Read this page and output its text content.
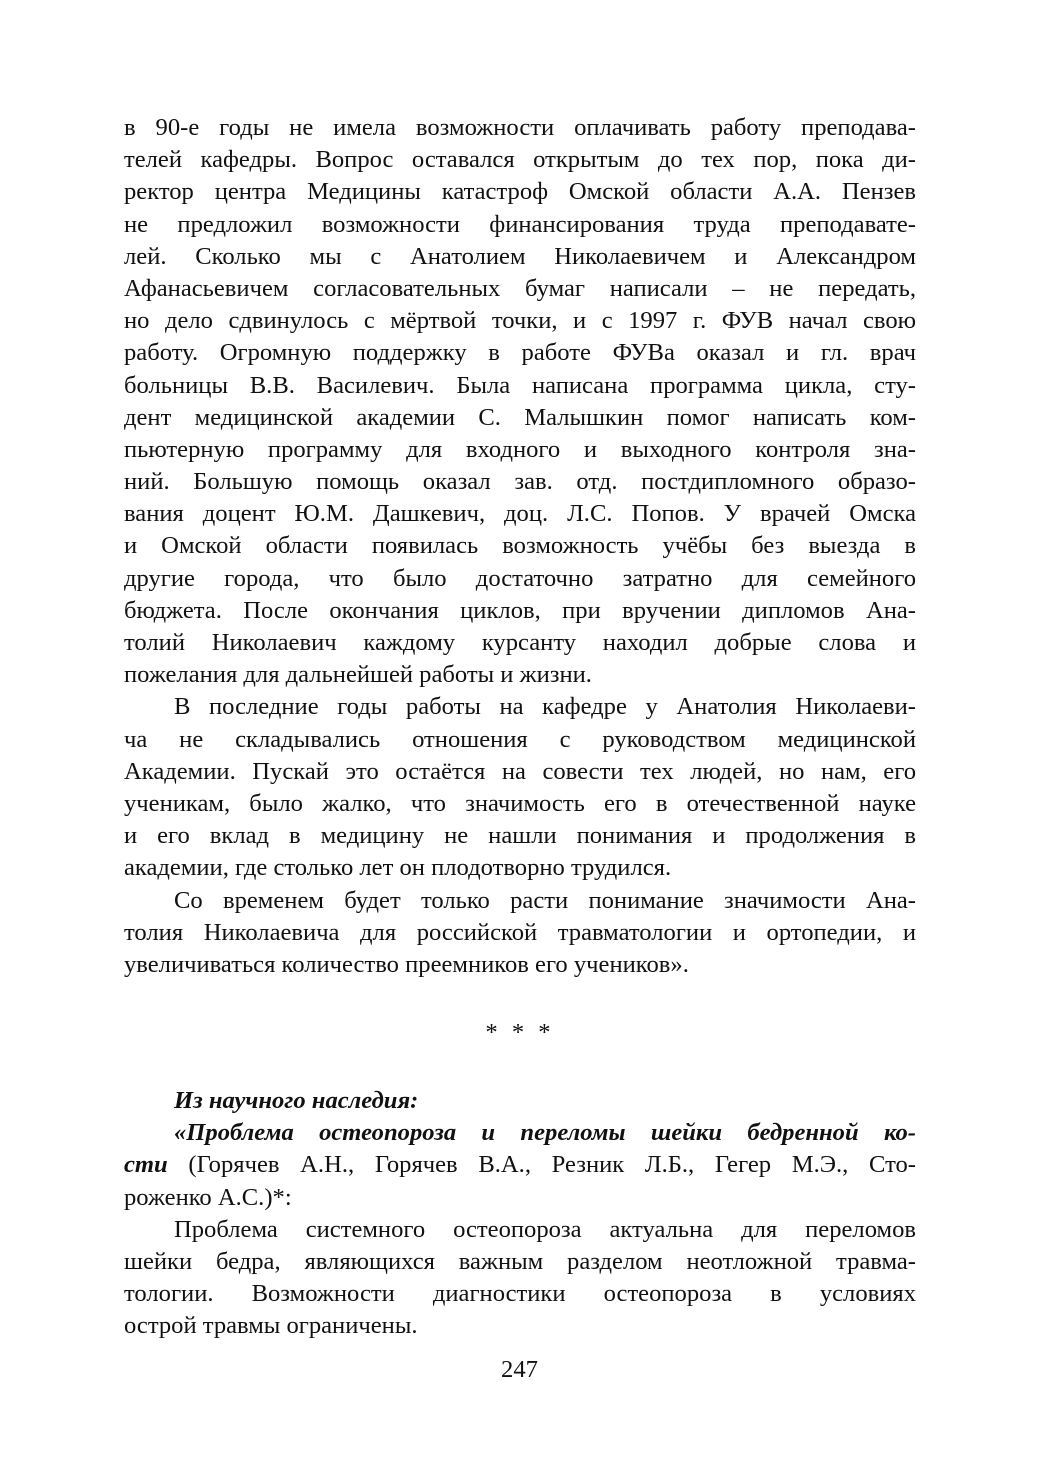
в 90-е годы не имела возможности оплачивать работу преподава-
телей кафедры. Вопрос оставался открытым до тех пор, пока ди-
ректор центра Медицины катастроф Омской области А.А. Пензев
не предложил возможности финансирования труда преподавате-
лей. Сколько мы с Анатолием Николаевичем и Александром
Афанасьевичем согласовательных бумаг написали – не передать,
но дело сдвинулось с мёртвой точки, и с 1997 г. ФУВ начал свою
работу. Огромную поддержку в работе ФУВа оказал и гл. врач
больницы В.В. Василевич. Была написана программа цикла, сту-
дент медицинской академии С. Малышкин помог написать ком-
пьютерную программу для входного и выходного контроля зна-
ний. Большую помощь оказал зав. отд. постдипломного образо-
вания доцент Ю.М. Дашкевич, доц. Л.С. Попов. У врачей Омска
и Омской области появилась возможность учёбы без выезда в
другие города, что было достаточно затратно для семейного
бюджета. После окончания циклов, при вручении дипломов Ана-
толий Николаевич каждому курсанту находил добрые слова и
пожелания для дальнейшей работы и жизни.
В последние годы работы на кафедре у Анатолия Николаеви-
ча не складывались отношения с руководством медицинской
Академии. Пускай это остаётся на совести тех людей, но нам, его
ученикам, было жалко, что значимость его в отечественной науке
и его вклад в медицину не нашли понимания и продолжения в
академии, где столько лет он плодотворно трудился.
Со временем будет только расти понимание значимости Ана-
толия Николаевича для российской травматологии и ортопедии, и
увеличиваться количество преемников его учеников».
* * *
Из научного наследия:
«Проблема остеопороза и переломы шейки бедренной ко-
сти (Горячев А.Н., Горячев В.А., Резник Л.Б., Гегер М.Э., Сто-
роженко А.С.)*:
Проблема системного остеопороза актуальна для переломов
шейки бедра, являющихся важным разделом неотложной травма-
тологии. Возможности диагностики остеопороза в условиях
острой травмы ограничены.
247
